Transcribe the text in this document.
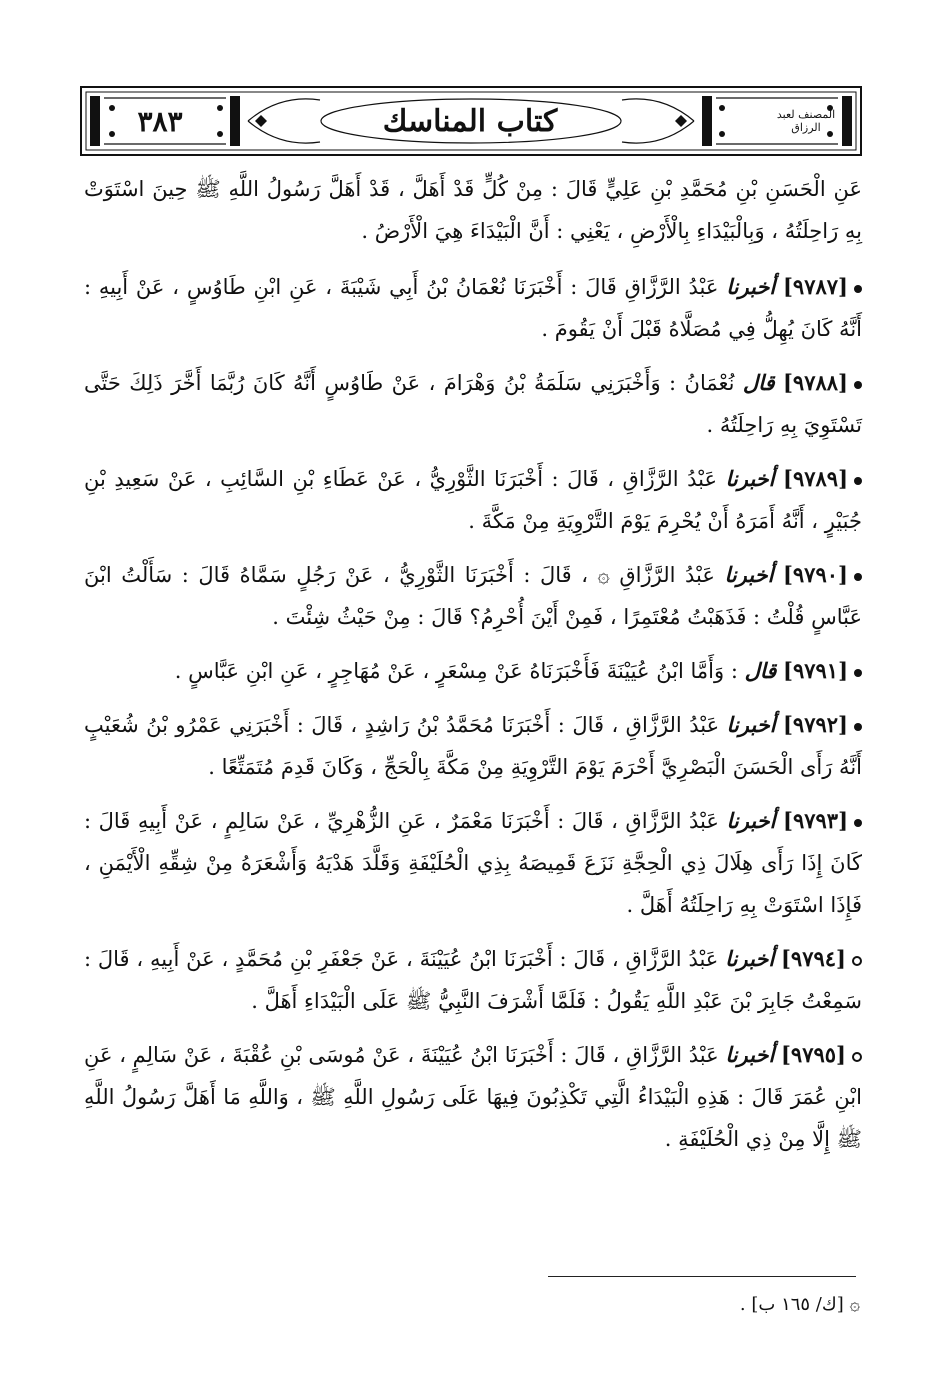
٣٨٣	كتاب المناسك	المصنف لعبد الرزاق

عَنِ الْحَسَنِ بْنِ مُحَمَّدِ بْنِ عَلِيٍّ قَالَ : مِنْ كُلٍّ قَدْ أَهَلَّ ، قَدْ أَهَلَّ رَسُولُ اللَّهِ ﷺ حِينَ اسْتَوَتْ بِهِ رَاحِلَتُهُ ، وَبِالْبَيْدَاءِ بِالْأَرْضِ ، يَعْنِي : أَنَّ الْبَيْدَاءَ هِيَ الْأَرْضُ .

[٩٧٨٧] أخبرنا عَبْدُ الرَّزَّاقِ قَالَ : أَخْبَرَنَا نُعْمَانُ بْنُ أَبِي شَيْبَةَ ، عَنِ ابْنِ طَاوُسٍ ، عَنْ أَبِيهِ : أَنَّهُ كَانَ يُهِلُّ فِي مُصَلَّاهُ قَبْلَ أَنْ يَقُومَ .

[٩٧٨٨] قال نُعْمَانُ : وَأَخْبَرَنِي سَلَمَةُ بْنُ وَهْرَامَ ، عَنْ طَاوُسٍ أَنَّهُ كَانَ رُبَّمَا أَخَّرَ ذَلِكَ حَتَّى تَسْتَوِيَ بِهِ رَاحِلَتُهُ .

[٩٧٨٩] أخبرنا عَبْدُ الرَّزَّاقِ ، قَالَ : أَخْبَرَنَا الثَّوْرِيُّ ، عَنْ عَطَاءِ بْنِ السَّائِبِ ، عَنْ سَعِيدِ بْنِ جُبَيْرٍ ، أَنَّهُ أَمَرَهُ أَنْ يُحْرِمَ يَوْمَ التَّرْوِيَةِ مِنْ مَكَّةَ .

[٩٧٩٠] أخبرنا عَبْدُ الرَّزَّاقِ ۞ ، قَالَ : أَخْبَرَنَا الثَّوْرِيُّ ، عَنْ رَجُلٍ سَمَّاهُ قَالَ : سَأَلْتُ ابْنَ عَبَّاسٍ قُلْتُ : فَذَهَبْتُ مُعْتَمِرًا ، فَمِنْ أَيْنَ أُحْرِمُ؟ قَالَ : مِنْ حَيْثُ شِئْتَ .

[٩٧٩١] قال : وَأَمَّا ابْنُ عُيَيْنَةَ فَأَخْبَرَنَاهُ عَنْ مِسْعَرٍ ، عَنْ مُهَاجِرٍ ، عَنِ ابْنِ عَبَّاسٍ .

[٩٧٩٢] أخبرنا عَبْدُ الرَّزَّاقِ ، قَالَ : أَخْبَرَنَا مُحَمَّدُ بْنُ رَاشِدٍ ، قَالَ : أَخْبَرَنِي عَمْرُو بْنُ شُعَيْبٍ أَنَّهُ رَأَى الْحَسَنَ الْبَصْرِيَّ أَحْرَمَ يَوْمَ التَّرْوِيَةِ مِنْ مَكَّةَ بِالْحَجِّ ، وَكَانَ قَدِمَ مُتَمَتِّعًا .

[٩٧٩٣] أخبرنا عَبْدُ الرَّزَّاقِ ، قَالَ : أَخْبَرَنَا مَعْمَرٌ ، عَنِ الزُّهْرِيِّ ، عَنْ سَالِمٍ ، عَنْ أَبِيهِ قَالَ : كَانَ إِذَا رَأَى هِلَالَ ذِي الْحِجَّةِ نَزَعَ قَمِيصَهُ بِذِي الْحُلَيْفَةِ وَقَلَّدَ هَدْيَهُ وَأَشْعَرَهُ مِنْ شِقِّهِ الْأَيْمَنِ ، فَإِذَا اسْتَوَتْ بِهِ رَاحِلَتُهُ أَهَلَّ .

[٩٧٩٤] أخبرنا عَبْدُ الرَّزَّاقِ ، قَالَ : أَخْبَرَنَا ابْنُ عُيَيْنَةَ ، عَنْ جَعْفَرِ بْنِ مُحَمَّدٍ ، عَنْ أَبِيهِ ، قَالَ : سَمِعْتُ جَابِرَ بْنَ عَبْدِ اللَّهِ يَقُولُ : فَلَمَّا أَشْرَفَ النَّبِيُّ ﷺ عَلَى الْبَيْدَاءِ أَهَلَّ .

[٩٧٩٥] أخبرنا عَبْدُ الرَّزَّاقِ ، قَالَ : أَخْبَرَنَا ابْنُ عُيَيْنَةَ ، عَنْ مُوسَى بْنِ عُقْبَةَ ، عَنْ سَالِمٍ ، عَنِ ابْنِ عُمَرَ قَالَ : هَذِهِ الْبَيْدَاءُ الَّتِي تَكْذِبُونَ فِيهَا عَلَى رَسُولِ اللَّهِ ﷺ ، وَاللَّهِ مَا أَهَلَّ رَسُولُ اللَّهِ ﷺ إِلَّا مِنْ ذِي الْحُلَيْفَةِ .

۞ [ك/ ١٦٥ ب] .
